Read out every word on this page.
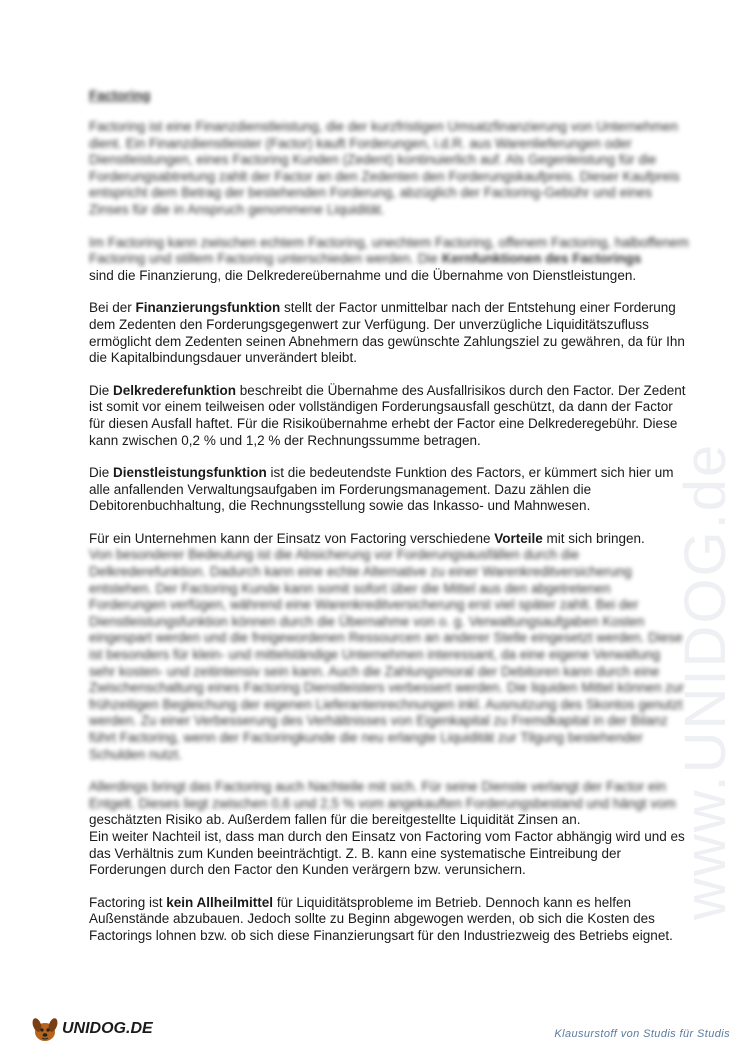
www.UNIDOG.de

Factoring

Factoring ist eine Finanzdienstleistung, die der kurzfristigen Umsatzfinanzierung von Unternehmen dient. Ein Finanzdienstleister (Factor) kauft Forderungen, i.d.R. aus Warenlieferungen oder Dienstleistungen, eines Factoring Kunden (Zedent) kontinuierlich auf. Als Gegenleistung für die Forderungsabtretung zahlt der Factor an den Zedenten den Forderungskaufpreis. Dieser Kaufpreis entspricht dem Betrag der bestehenden Forderung, abzüglich der Factoring-Gebühr und eines Zinses für die in Anspruch genommene Liquidität.

Im Factoring kann zwischen echtem Factoring, unechtem Factoring, offenem Factoring, halboffenem Factoring und stillem Factoring unterschieden werden. Die Kernfunktionen des Factorings
sind die Finanzierung, die Delkredereübernahme und die Übernahme von Dienstleistungen.

Bei der Finanzierungsfunktion stellt der Factor unmittelbar nach der Entstehung einer Forderung dem Zedenten den Forderungsgegenwert zur Verfügung. Der unverzügliche Liquiditätszufluss ermöglicht dem Zedenten seinen Abnehmern das gewünschte Zahlungsziel zu gewähren, da für Ihn die Kapitalbindungsdauer unverändert bleibt.

Die Delkrederefunktion beschreibt die Übernahme des Ausfallrisikos durch den Factor. Der Zedent ist somit vor einem teilweisen oder vollständigen Forderungsausfall geschützt, da dann der Factor für diesen Ausfall haftet. Für die Risikoübernahme erhebt der Factor eine Delkrederegebühr. Diese kann zwischen 0,2 % und 1,2 % der Rechnungssumme betragen.

Die Dienstleistungsfunktion ist die bedeutendste Funktion des Factors, er kümmert sich hier um alle anfallenden Verwaltungsaufgaben im Forderungsmanagement. Dazu zählen die Debitorenbuchhaltung, die Rechnungsstellung sowie das Inkasso- und Mahnwesen.

Für ein Unternehmen kann der Einsatz von Factoring verschiedene Vorteile mit sich bringen.

Von besonderer Bedeutung ist die Absicherung vor Forderungsausfällen durch die Delkrederefunktion. Dadurch kann eine echte Alternative zu einer Warenkreditversicherung entstehen. Der Factoring Kunde kann somit sofort über die Mittel aus den abgetretenen Forderungen verfügen, während eine Warenkreditversicherung erst viel später zahlt. Bei der Dienstleistungsfunktion können durch die Übernahme von o. g. Verwaltungsaufgaben Kosten eingespart werden und die freigewordenen Ressourcen an anderer Stelle eingesetzt werden. Diese ist besonders für klein- und mittelständige Unternehmen interessant, da eine eigene Verwaltung sehr kosten- und zeitintensiv sein kann. Auch die Zahlungsmoral der Debitoren kann durch eine Zwischenschaltung eines Factoring Dienstleisters verbessert werden. Die liquiden Mittel können zur frühzeitigen Begleichung der eigenen Lieferantenrechnungen inkl. Ausnutzung des Skontos genutzt werden. Zu einer Verbesserung des Verhältnisses von Eigenkapital zu Fremdkapital in der Bilanz führt Factoring, wenn der Factoringkunde die neu erlangte Liquidität zur Tilgung bestehender Schulden nutzt.

Allerdings bringt das Factoring auch Nachteile mit sich. Für seine Dienste verlangt der Factor ein Entgelt. Dieses liegt zwischen 0,6 und 2,5 % vom angekauften Forderungsbestand und hängt vom

geschätzten Risiko ab. Außerdem fallen für die bereitgestellte Liquidität Zinsen an.

Ein weiter Nachteil ist, dass man durch den Einsatz von Factoring vom Factor abhängig wird und es das Verhältnis zum Kunden beeinträchtigt. Z. B. kann eine systematische Eintreibung der Forderungen durch den Factor den Kunden verärgern bzw. verunsichern.

Factoring ist kein Allheilmittel für Liquiditätsprobleme im Betrieb. Dennoch kann es helfen Außenstände abzubauen. Jedoch sollte zu Beginn abgewogen werden, ob sich die Kosten des Factorings lohnen bzw. ob sich diese Finanzierungsart für den Industriezweig des Betriebs eignet.

UNIDOG.DE	Klausurstoff von Studis für Studis
